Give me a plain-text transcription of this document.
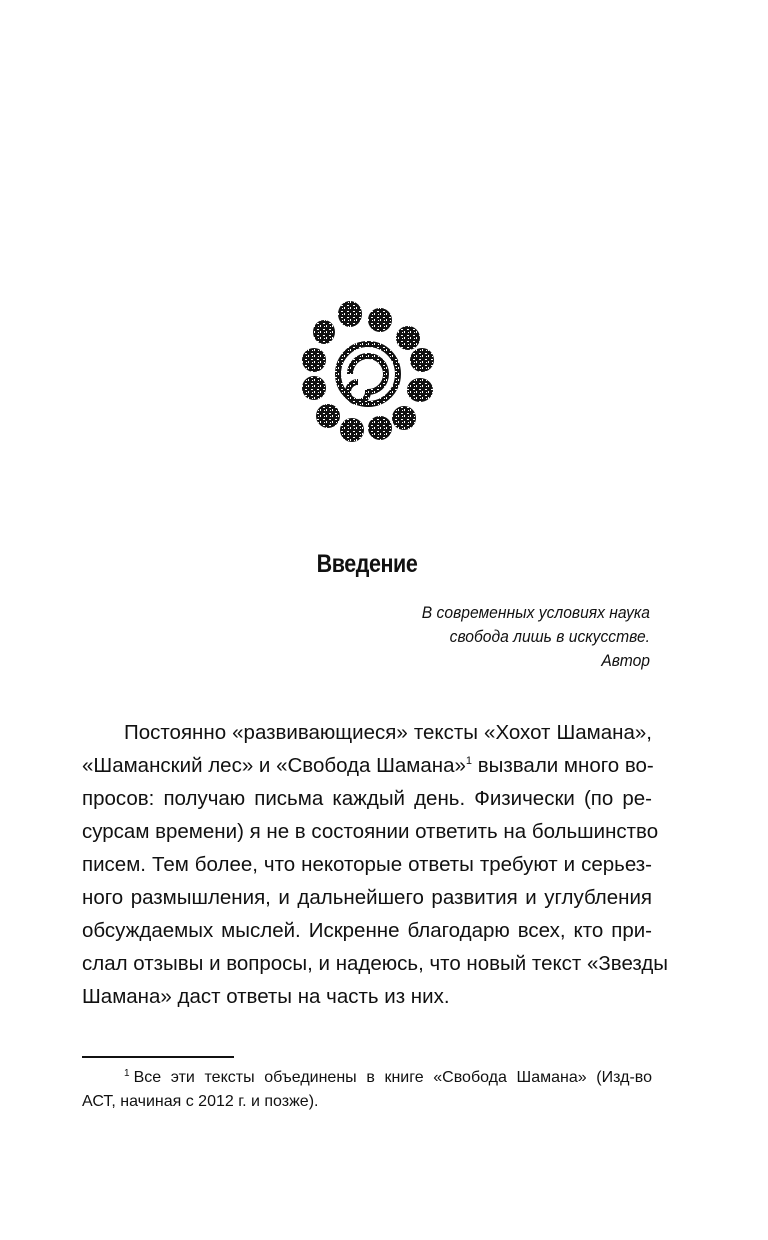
Введение
В современных условиях наука
свобода лишь в искусстве.
Автор
Постоянно «развивающиеся» тексты «Хохот Шамана»,
«Шаманский лес» и «Свобода Шамана»$^1$ вызвали много во-
просов: получаю письма каждый день. Физически (по ре-
сурсам времени) я не в состоянии ответить на большинство
писем. Тем более, что некоторые ответы требуют и серьез-
ного размышления, и дальнейшего развития и углубления
обсуждаемых мыслей. Искренне благодарю всех, кто при-
слал отзывы и вопросы, и надеюсь, что новый текст «Звезды
Шамана» даст ответы на часть из них.
$^1$ Все эти тексты объединены в книге «Свобода Шамана» (Изд-во
АСТ, начиная с 2012 г. и позже).
